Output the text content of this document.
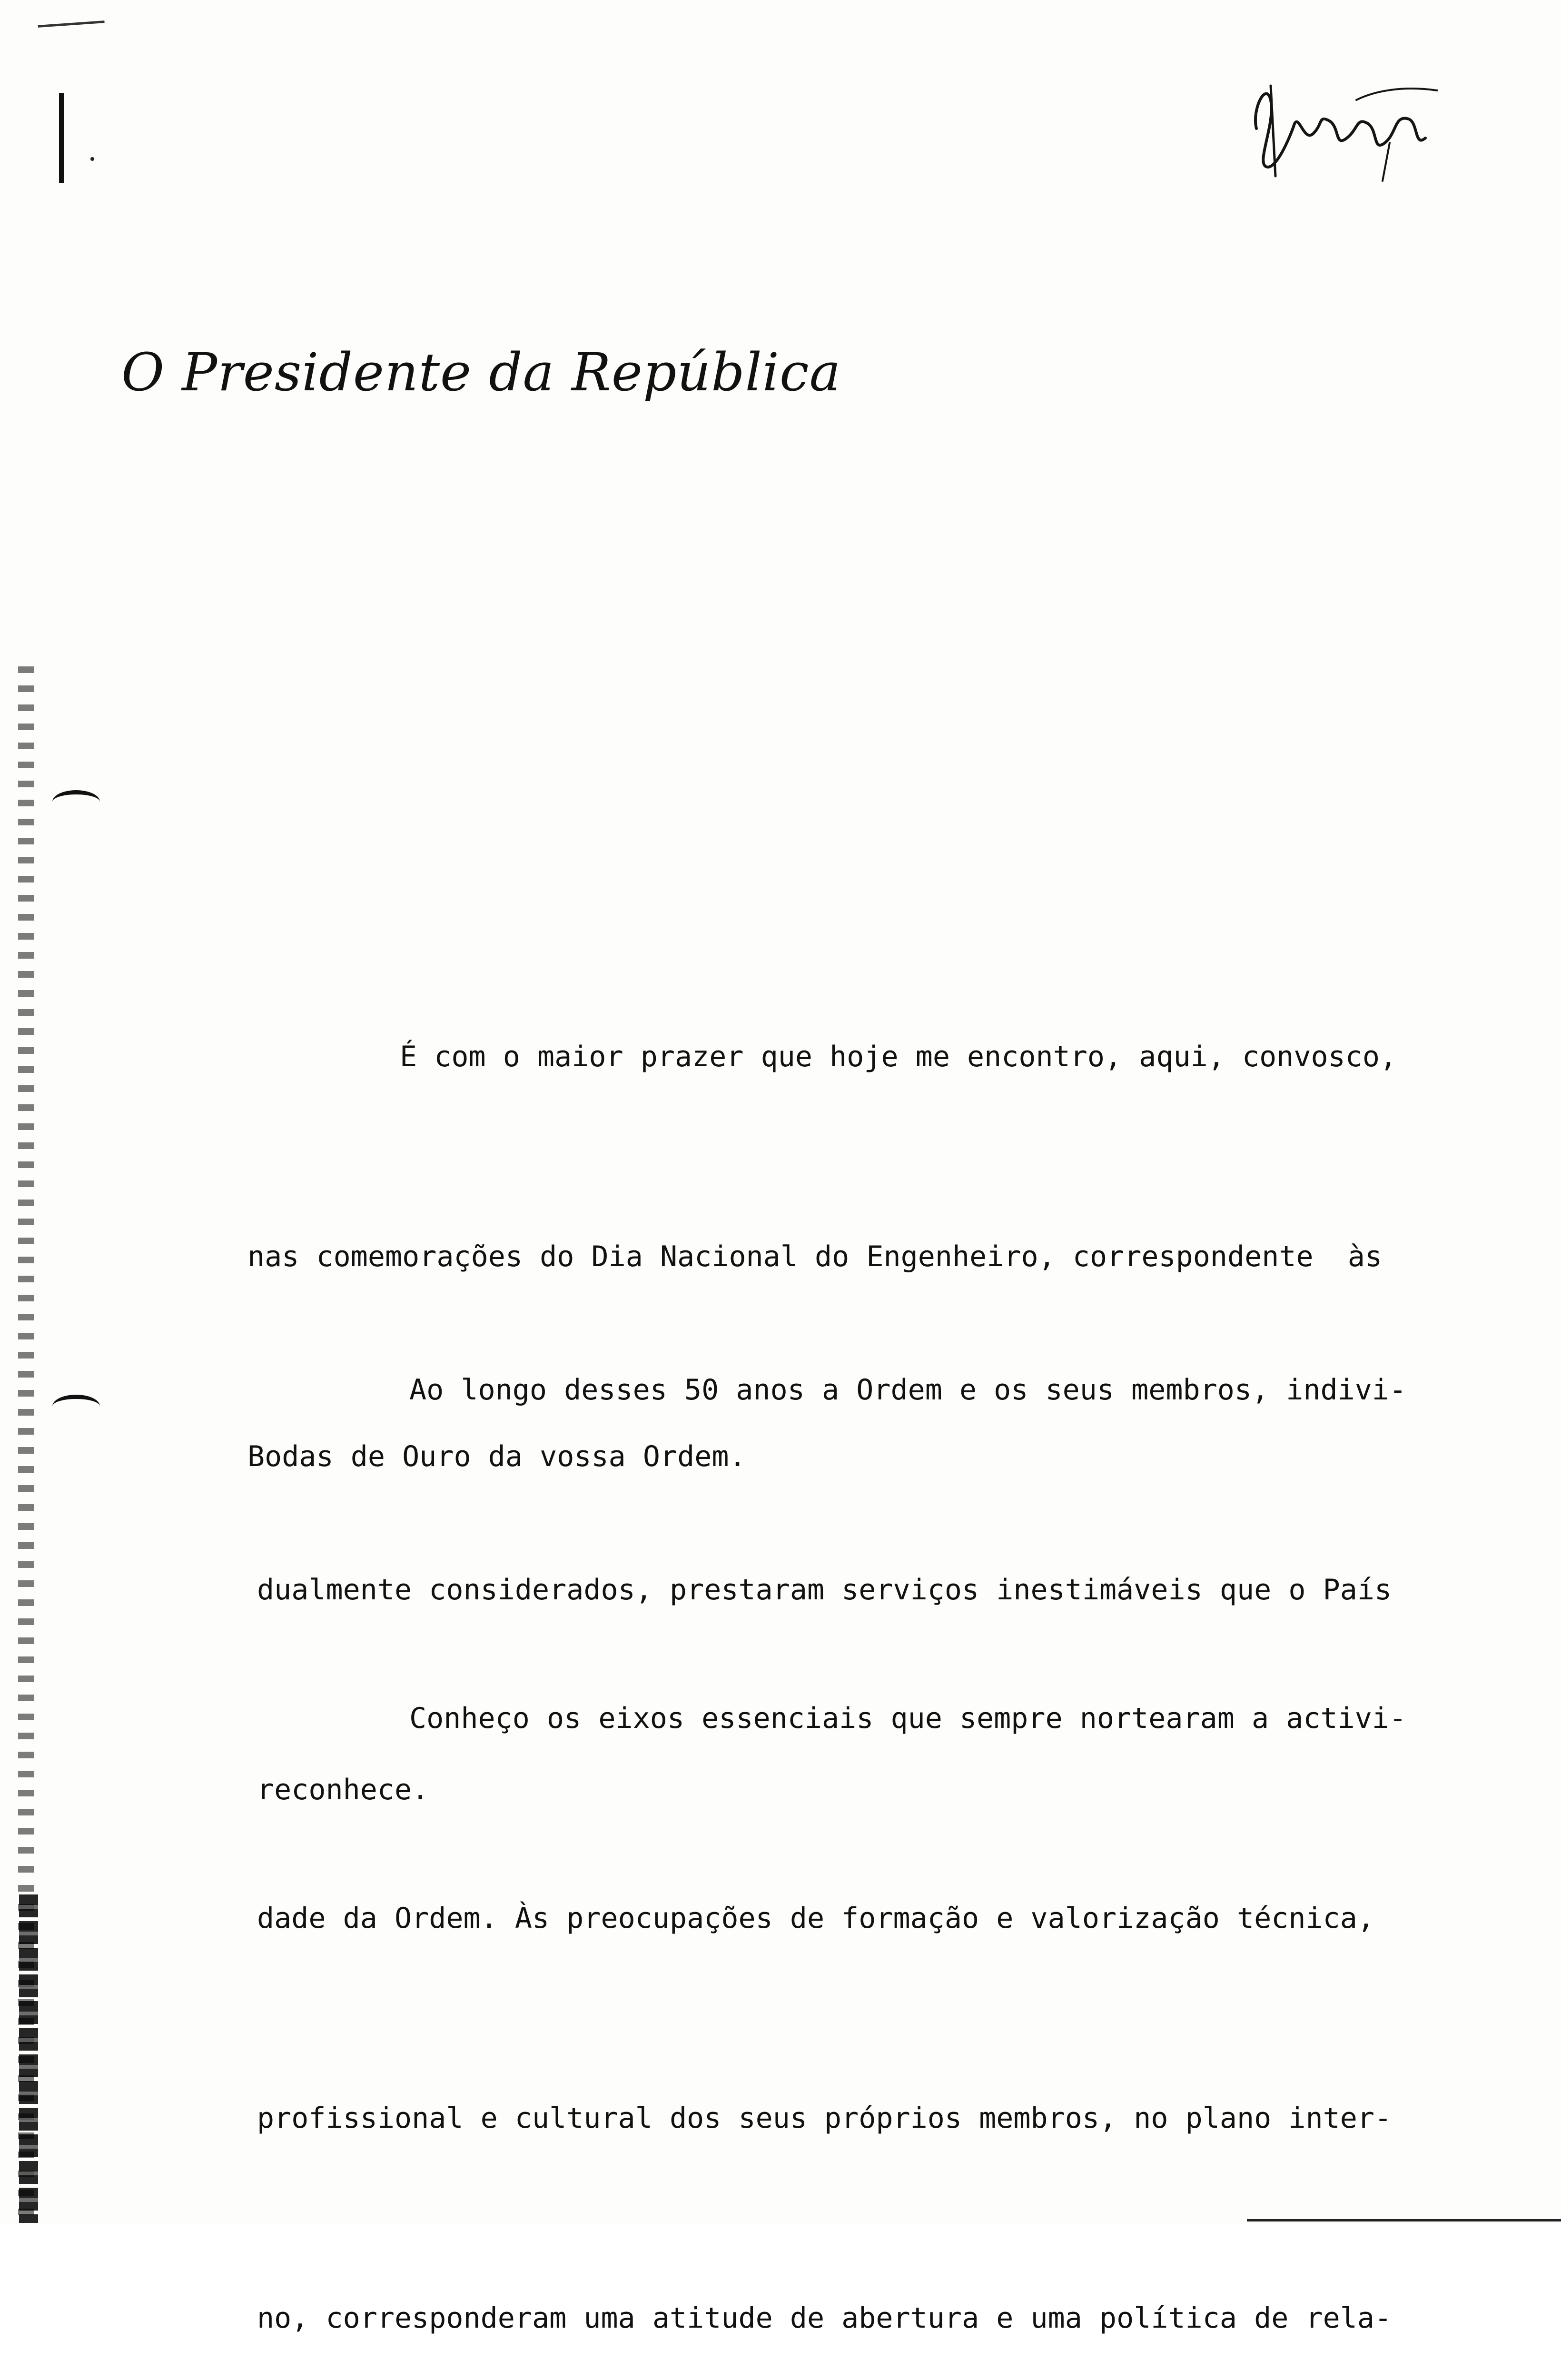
O Presidente da República

É com o maior prazer que hoje me encontro, aqui, convosco,

nas comemorações do Dia Nacional do Engenheiro, correspondente  às

Bodas de Ouro da vossa Ordem.

Ao longo desses 50 anos a Ordem e os seus membros, indivi-

dualmente considerados, prestaram serviços inestimáveis que o País

reconhece.

Conheço os eixos essenciais que sempre nortearam a activi-

dade da Ordem. Às preocupações de formação e valorização técnica,

profissional e cultural dos seus próprios membros, no plano inter-

no, corresponderam uma atitude de abertura e uma política de rela-
